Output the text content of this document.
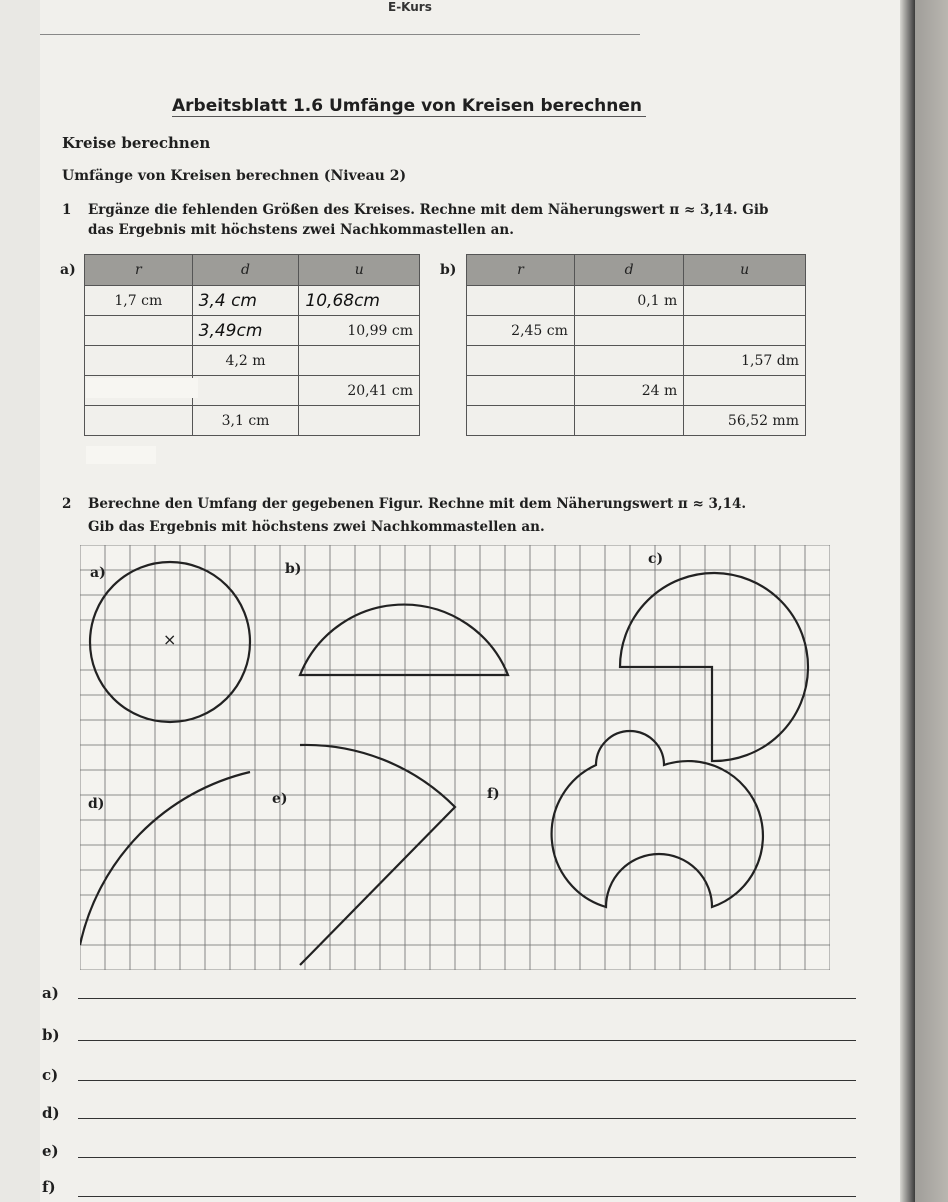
E-Kurs
Arbeitsblatt 1.6 Umfänge von Kreisen berechnen
Kreise berechnen
Umfänge von Kreisen berechnen (Niveau 2)
1 Ergänze die fehlenden Größen des Kreises. Rechne mit dem Näherungswert π ≈ 3,14. Gib
das Ergebnis mit höchstens zwei Nachkommastellen an.
a)	r	d	u
1,7 cm	3,4 cm	10,68cm
	3,49cm	10,99 cm
	4,2 m	
		20,41 cm
	3,1 cm	
b)	r	d	u
	0,1 m	
2,45 cm		
		1,57 dm
	24 m	
		56,52 mm
2 Berechne den Umfang der gegebenen Figur. Rechne mit dem Näherungswert π ≈ 3,14.
Gib das Ergebnis mit höchstens zwei Nachkommastellen an.
a)	b)
c)
d)	e)	f)
×
a)
b)
c)
d)
e)
f)
